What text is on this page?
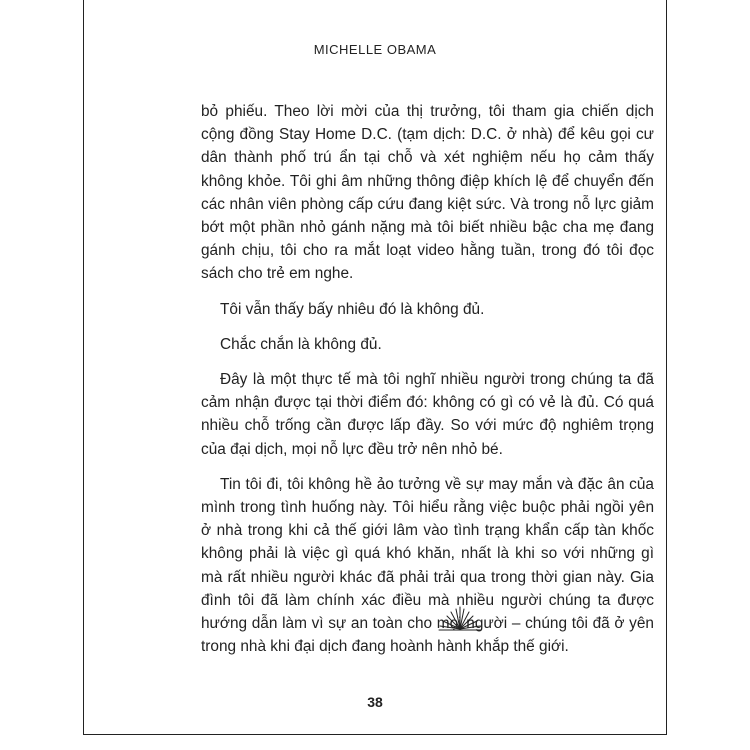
MICHELLE OBAMA

bỏ phiếu. Theo lời mời của thị trưởng, tôi tham gia chiến dịch cộng đồng Stay Home D.C. (tạm dịch: D.C. ở nhà) để kêu gọi cư dân thành phố trú ẩn tại chỗ và xét nghiệm nếu họ cảm thấy không khỏe. Tôi ghi âm những thông điệp khích lệ để chuyển đến các nhân viên phòng cấp cứu đang kiệt sức. Và trong nỗ lực giảm bớt một phần nhỏ gánh nặng mà tôi biết nhiều bậc cha mẹ đang gánh chịu, tôi cho ra mắt loạt video hằng tuần, trong đó tôi đọc sách cho trẻ em nghe.

Tôi vẫn thấy bấy nhiêu đó là không đủ.

Chắc chắn là không đủ.

Đây là một thực tế mà tôi nghĩ nhiều người trong chúng ta đã cảm nhận được tại thời điểm đó: không có gì có vẻ là đủ. Có quá nhiều chỗ trống cần được lấp đầy. So với mức độ nghiêm trọng của đại dịch, mọi nỗ lực đều trở nên nhỏ bé.

Tin tôi đi, tôi không hề ảo tưởng về sự may mắn và đặc ân của mình trong tình huống này. Tôi hiểu rằng việc buộc phải ngồi yên ở nhà trong khi cả thế giới lâm vào tình trạng khẩn cấp tàn khốc không phải là việc gì quá khó khăn, nhất là khi so với những gì mà rất nhiều người khác đã phải trải qua trong thời gian này. Gia đình tôi đã làm chính xác điều mà nhiều người chúng ta được hướng dẫn làm vì sự an toàn cho mọi người – chúng tôi đã ở yên trong nhà khi đại dịch đang hoành hành khắp thế giới.

38
